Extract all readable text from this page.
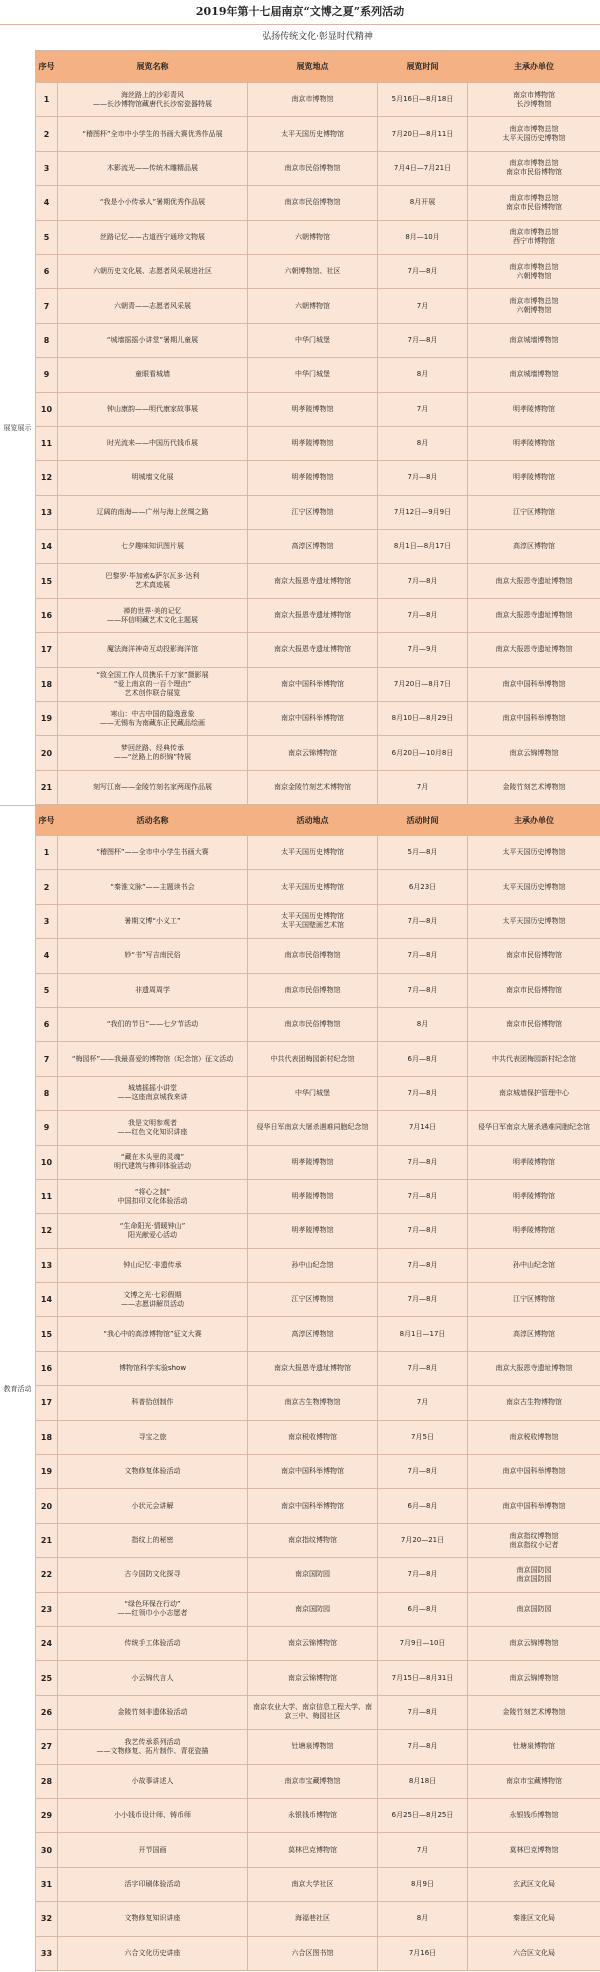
2019年第十七届南京“文博之夏”系列活动
弘扬传统文化·彰显时代精神
展览展示
教育活动
序号	展览名称	展览地点	展览时间	主承办单位
1	海丝路上的沙彩青风
——长沙博物馆藏唐代长沙窑瓷器特展	南京市博物馆	5月16日—8月18日	南京市博物馆
长沙博物馆
2	“稽图杯”全市中小学生的书画大赛优秀作品展	太平天国历史博物馆	7月20日—8月11日	南京市博物总馆
太平天国历史博物馆
3	木影流光——传统木雕精品展	南京市民俗博物馆	7月4日—7月21日	南京市博物总馆
南京市民俗博物馆
4	“我是小小传承人”暑期优秀作品展	南京市民俗博物馆	8月开展	南京市博物总馆
南京市民俗博物馆
5	丝路记忆——古道西宁通珍文物展	六朝博物馆	8月—10月	南京市博物总馆
西宁市博物馆
6	六朝历史文化展、志愿者风采展进社区	六朝博物馆、社区	7月—8月	南京市博物总馆
六朝博物馆
7	六朝青——志愿者风采展	六朝博物馆	7月	南京市博物总馆
六朝博物馆
8	“城墙摇摇小讲堂”暑期儿童展	中华门城堡	7月—8月	南京城墙博物馆
9	童眼看城墙	中华门城堡	8月	南京城墙博物馆
10	钟山康韵——明代康家故事展	明孝陵博物馆	7月	明孝陵博物馆
11	时光流来——中国历代钱币展	明孝陵博物馆	8月	明孝陵博物馆
12	明城墙文化展	明孝陵博物馆	7月—8月	明孝陵博物馆
13	辽阔的南海——广州与海上丝绸之路	江宁区博物馆	7月12日—9月9日	江宁区博物馆
14	七夕趣味知识图片展	高淳区博物馆	8月1日—8月17日	高淳区博物馆
15	巴黎罗·毕加索&萨尔瓦多·达利
艺术真迹展	南京大报恩寺遗址博物馆	7月—8月	南京大报恩寺遗址博物馆
16	禅的世界·美的记忆
——环信明藏艺术文化主题展	南京大报恩寺遗址博物馆	7月—8月	南京大报恩寺遗址博物馆
17	魔法海洋神奇互动投影海洋馆	南京大报恩寺遗址博物馆	7月—9月	南京大报恩寺遗址博物馆
18	“致全国工作人员携乐千万家”摄影展
“爱上南京的一百个理由”
艺术创作联合展览	南京中国科举博物馆	7月20日—8月7日	南京中国科举博物馆
19	寒山：中古中国的隐逸意象
——无锡布为南藏东正民藏品绘画	南京中国科举博物馆	8月10日—8月29日	南京中国科举博物馆
20	梦回丝路、经典传承
——“丝路上的织锦”特展	南京云锦博物馆	6月20日—10月8日	南京云锦博物馆
21	刻写江南——金陵竹刻名家两现作品展	南京金陵竹刻艺术博物馆	7月	金陵竹刻艺术博物馆
序号	活动名称	活动地点	活动时间	主承办单位
1	“稽图杯”——全市中小学生书画大赛	太平天国历史博物馆	5月—8月	太平天国历史博物馆
2	“秦淮文脉”——主题读书会	太平天国历史博物馆	6月23日	太平天国历史博物馆
3	暑期文博“小义工”	太平天国历史博物馆
太平天国壁画艺术馆	7月—8月	太平天国历史博物馆
4	妙“书”写吉南民俗	南京市民俗博物馆	7月—8月	南京市民俗博物馆
5	非遗周周学	南京市民俗博物馆	7月—8月	南京市民俗博物馆
6	“我们的节日”——七夕节活动	南京市民俗博物馆	8月	南京市民俗博物馆
7	“梅园杯”——我最喜爱的博物馆（纪念馆）征文活动	中共代表团梅园新村纪念馆	6月—8月	中共代表团梅园新村纪念馆
8	城墙摇摇小讲堂
——这座南京城我来讲	中华门城堡	7月—8月	南京城墙保护管理中心
9	我是文明参观者
——红色文化知识讲座	侵华日军南京大屠杀遇难同胞纪念馆	7月14日	侵华日军南京大屠杀遇难同胞纪念馆
10	“藏在木头里的灵魂”
明代建筑与榫卯体验活动	明孝陵博物馆	7月—8月	明孝陵博物馆
11	“将心之制”
中国扣印文化体验活动	明孝陵博物馆	7月—8月	明孝陵博物馆
12	“生命阳光·情暖钟山”
阳光献爱心活动	明孝陵博物馆	7月—8月	明孝陵博物馆
13	钟山记忆·非遗传承	孙中山纪念馆	7月—8月	孙中山纪念馆
14	文博之光·七彩假期
——志愿讲解员活动	江宁区博物馆	7月—8月	江宁区博物馆
15	“我心中的高淳博物馆”征文大赛	高淳区博物馆	8月1日—17日	高淳区博物馆
16	博物馆科学实验show	南京大报恩寺遗址博物馆	7月—8月	南京大报恩寺遗址博物馆
17	科普拾创制作	南京古生物博物馆	7月	南京古生物博物馆
18	寻宝之旅	南京税收博物馆	7月5日	南京税收博物馆
19	文物修复体验活动	南京中国科举博物馆	7月—8月	南京中国科举博物馆
20	小状元会讲解	南京中国科举博物馆	6月—8月	南京中国科举博物馆
21	指纹上的秘密	南京指纹博物馆	7月20—21日	南京指纹博物馆
南京指纹小记者
22	古今国防文化探寻	南京国防园	7月—8月	南京国防园
南京国防园
23	“绿色环保在行动”
——红领巾小小志愿者	南京国防园	6月—8月	南京国防园
24	传统手工体验活动	南京云锦博物馆	7月9日—10日	南京云锦博物馆
25	小云锦代言人	南京云锦博物馆	7月15日—8月31日	南京云锦博物馆
26	金陵竹刻非遗体验活动	南京农业大学、南京信息工程大学、南京三中、梅园社区	7月—8月	金陵竹刻艺术博物馆
27	我艺传承系列活动
——文物修复、拓片制作、青花瓷描	钍塘泉博物馆	7月—8月	钍塘泉博物馆
28	小故事讲述人	南京市宝藏博物馆	8月18日	南京市宝藏博物馆
29	小小钱币设计师、铸币师	永银钱币博物馆	6月25日—8月25日	永银钱币博物馆
30	开节国画	莫林巴克博物馆	7月	莫林巴克博物馆
31	活字印刷体验活动	南京大学社区	8月9日	玄武区文化局
32	文物修复知识讲座	海福巷社区	8月	秦淮区文化局
33	六合文化历史讲座	六合区图书馆	7月16日	六合区文化局
